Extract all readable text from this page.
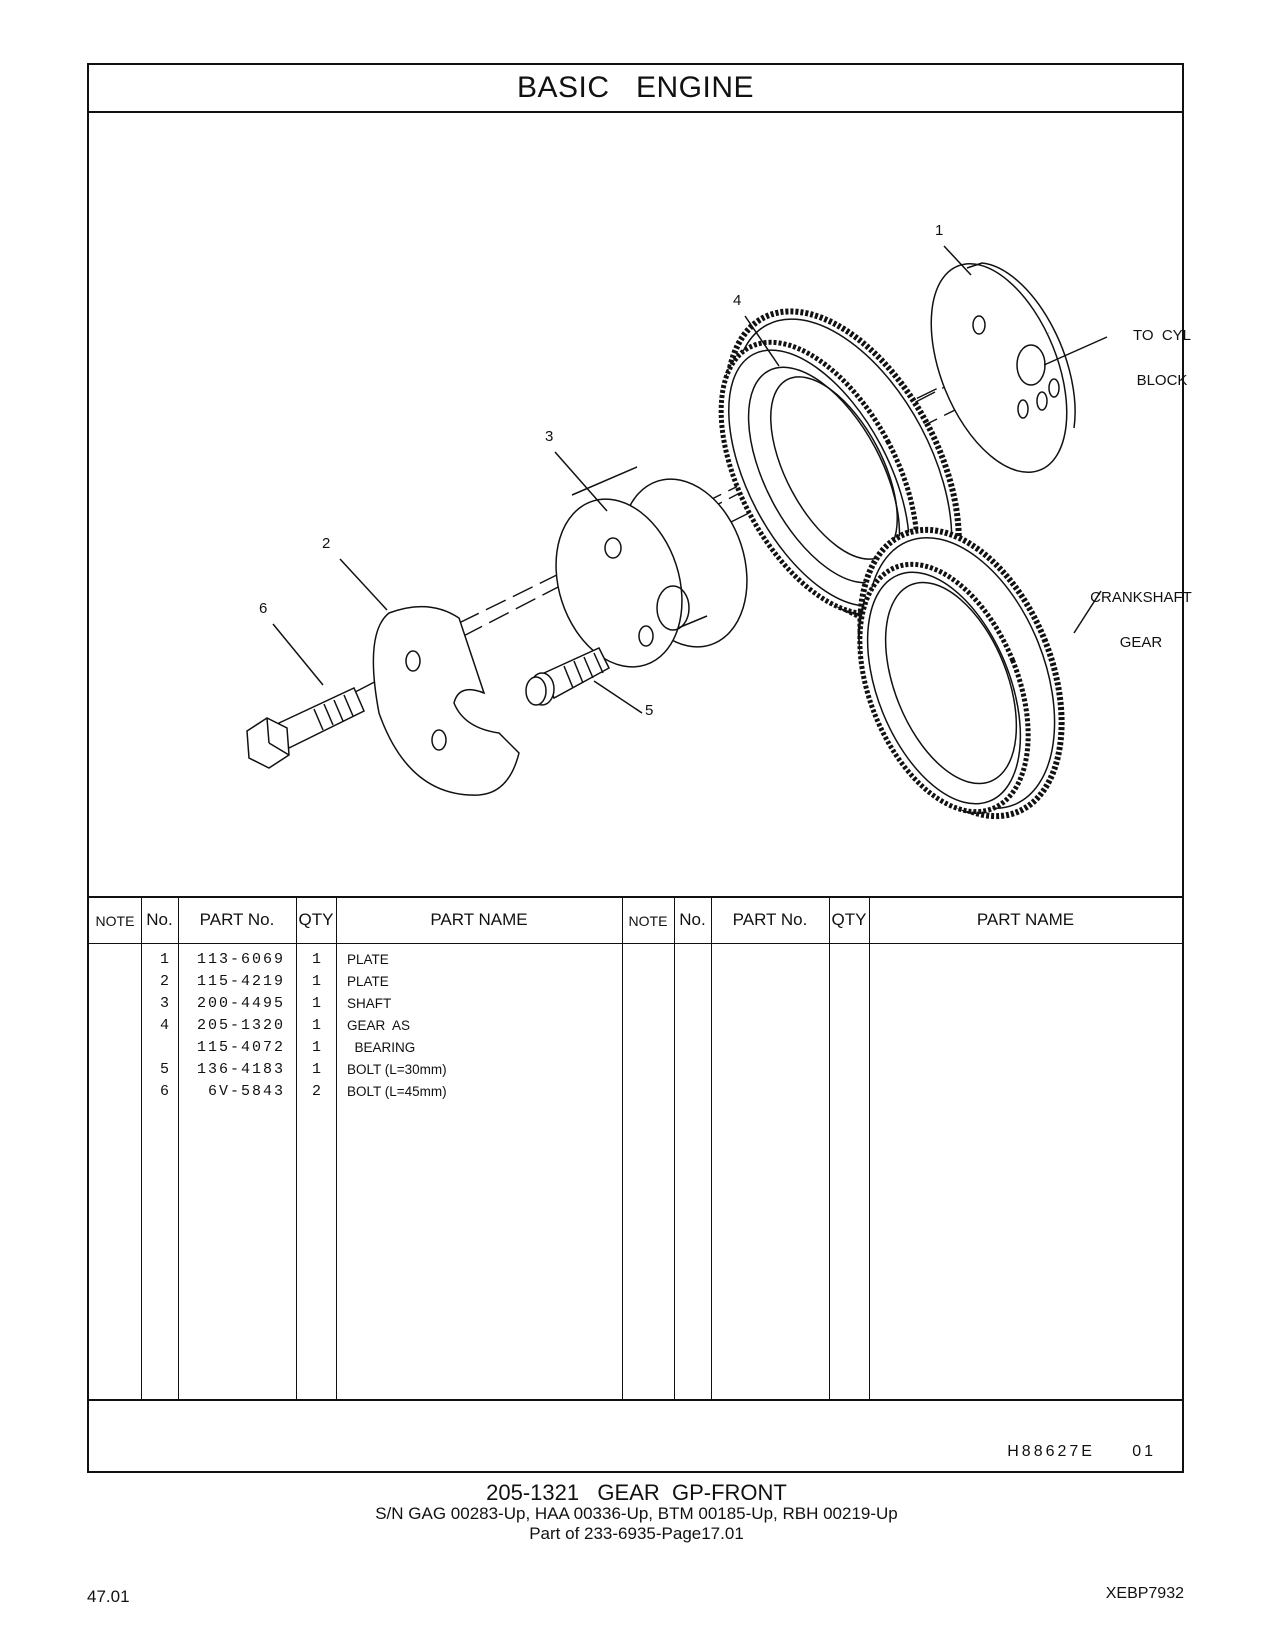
BASIC   ENGINE
1
4
3
2
6
5

TO  CYL

BLOCK

CRANKSHAFT

GEAR

NOTE No.	PART No.	QTY	PART NAME	NOTE No.	PART No.	QTY	PART NAME
1	113-6069	1 PLATE
2	115-4219	1 PLATE
3	200-4495	1 SHAFT
4	205-1320	1 GEAR  AS
115-4072	1 BEARING
5	136-4183	1 BOLT (L=30mm)
6	6V-5843	2 BOLT (L=45mm)
H88627E     01
205-1321   GEAR  GP-FRONT
S/N GAG 00283-Up, HAA 00336-Up, BTM 00185-Up, RBH 00219-Up
Part of 233-6935-Page17.01
47.01	XEBP7932
